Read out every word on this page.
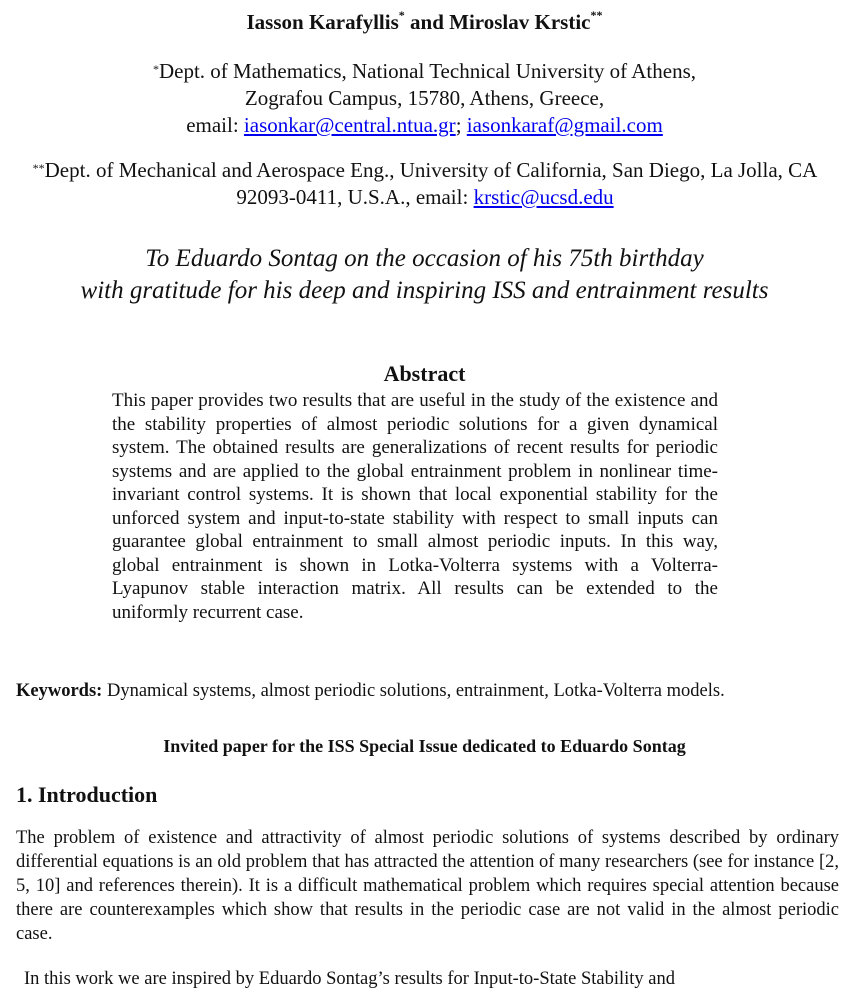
Iasson Karafyllis* and Miroslav Krstic**
*Dept. of Mathematics, National Technical University of Athens,
Zografou Campus, 15780, Athens, Greece,
email: iasonkar@central.ntua.gr; iasonkaraf@gmail.com
**Dept. of Mechanical and Aerospace Eng., University of California, San Diego, La Jolla, CA 92093-0411, U.S.A., email: krstic@ucsd.edu
To Eduardo Sontag on the occasion of his 75th birthday
with gratitude for his deep and inspiring ISS and entrainment results
Abstract
This paper provides two results that are useful in the study of the existence and the stability properties of almost periodic solutions for a given dynamical system. The obtained results are generalizations of recent results for periodic systems and are applied to the global entrainment problem in nonlinear time-invariant control systems. It is shown that local exponential stability for the unforced system and input-to-state stability with respect to small inputs can guarantee global entrainment to small almost periodic inputs. In this way, global entrainment is shown in Lotka-Volterra systems with a Volterra-Lyapunov stable interaction matrix. All results can be extended to the uniformly recurrent case.
Keywords: Dynamical systems, almost periodic solutions, entrainment, Lotka-Volterra models.
Invited paper for the ISS Special Issue dedicated to Eduardo Sontag
1. Introduction
The problem of existence and attractivity of almost periodic solutions of systems described by ordinary differential equations is an old problem that has attracted the attention of many researchers (see for instance [2, 5, 10] and references therein). It is a difficult mathematical problem which requires special attention because there are counterexamples which show that results in the periodic case are not valid in the almost periodic case.
In this work we are inspired by Eduardo Sontag’s results for Input-to-State Stability and
